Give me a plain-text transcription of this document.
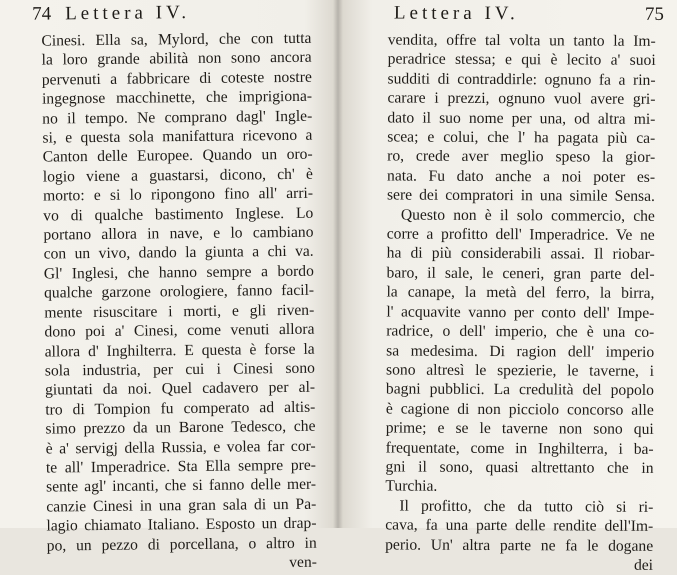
74 Lettera IV.
Cinesi. Ella sa, Mylord, che con tutta
la loro grande abilità non sono ancora
pervenuti a fabbricare di coteste nostre
ingegnose macchinette, che imprigiona-
no il tempo. Ne comprano dagl' Ingle-
si, e questa sola manifattura ricevono a
Canton delle Europee. Quando un oro-
logio viene a guastarsi, dicono, ch' è
morto: e si lo ripongono fino all' arri-
vo di qualche bastimento Inglese. Lo
portano allora in nave, e lo cambiano
con un vivo, dando la giunta a chi va.
Gl' Inglesi, che hanno sempre a bordo
qualche garzone orologiere, fanno facil-
mente risuscitare i morti, e gli riven-
dono poi a' Cinesi, come venuti allora
allora d' Inghilterra. E questa è forse la
sola industria, per cui i Cinesi sono
giuntati da noi. Quel cadavero per al-
tro di Tompion fu comperato ad altis-
simo prezzo da un Barone Tedesco, che
è a' servigj della Russia, e volea far cor-
te all' Imperadrice. Sta Ella sempre pre-
sente agl' incanti, che si fanno delle mer-
canzie Cinesi in una gran sala di un Pa-
lagio chiamato Italiano. Esposto un drap-
po, un pezzo di porcellana, o altro in
ven-
Lettera IV.	75
vendita, offre tal volta un tanto la Im-
peradrice stessa; e qui è lecito a' suoi
sudditi di contraddirle: ognuno fa a rin-
carare i prezzi, ognuno vuol avere gri-
dato il suo nome per una, od altra mi-
scea; e colui, che l' ha pagata più ca-
ro, crede aver meglio speso la gior-
nata. Fu dato anche a noi poter es-
sere dei compratori in una simile Sensa.
Questo non è il solo commercio, che
corre a profitto dell' Imperadrice. Ve ne
ha di più considerabili assai. Il riobar-
baro, il sale, le ceneri, gran parte del-
la canape, la metà del ferro, la birra,
l' acquavite vanno per conto dell' Impe-
radrice, o dell' imperio, che è una co-
sa medesima. Di ragion dell' imperio
sono altresì le spezierie, le taverne, i
bagni pubblici. La credulità del popolo
è cagione di non picciolo concorso alle
prime; e se le taverne non sono qui
frequentate, come in Inghilterra, i ba-
gni il sono, quasi altrettanto che in
Turchia.
Il profitto, che da tutto ciò si ri-
cava, fa una parte delle rendite dell'Im-
perio. Un' altra parte ne fa le dogane
dei
